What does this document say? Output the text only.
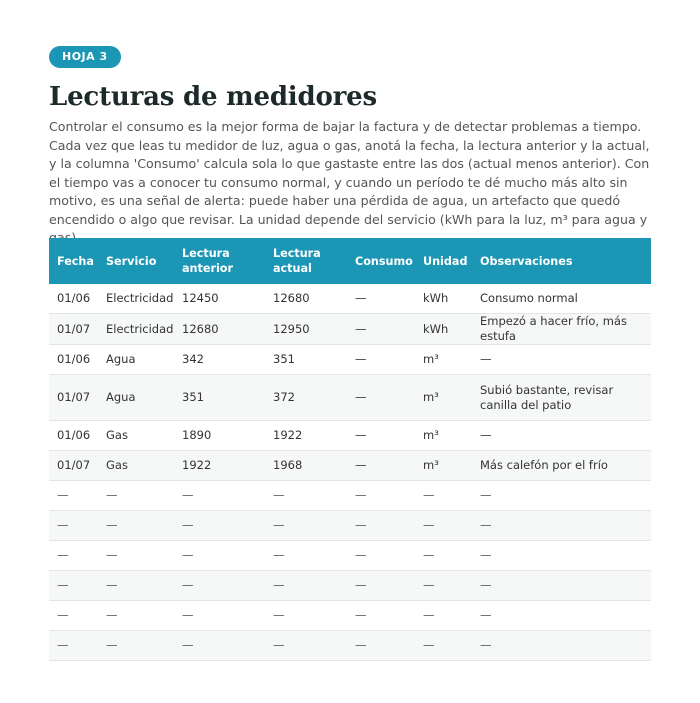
HOJA 3
Lecturas de medidores

Controlar el consumo es la mejor forma de bajar la factura y de detectar problemas a tiempo. Cada vez que leas tu medidor de luz, agua o gas, anotá la fecha, la lectura anterior y la actual, y la columna 'Consumo' calcula sola lo que gastaste entre las dos (actual menos anterior). Con el tiempo vas a conocer tu consumo normal, y cuando un período te dé mucho más alto sin motivo, es una señal de alerta: puede haber una pérdida de agua, un artefacto que quedó encendido o algo que revisar. La unidad depende del servicio (kWh para la luz, m³ para agua y

Fecha	Servicio	Lectura anterior	Lectura actual	Consumo	Unidad	Observaciones
01/06	Electricidad	12450	12680	—	kWh	Consumo normal
01/07	Electricidad	12680	12950	—	kWh	Empezó a hacer frío, más estufa
01/06	Agua	342	351	—	m³	—
01/07	Agua	351	372	—	m³	Subió bastante, revisar canilla del patio
01/06	Gas	1890	1922	—	m³	—
01/07	Gas	1922	1968	—	m³	Más calefón por el frío
—	—	—	—	—	—	—
—	—	—	—	—	—	—
—	—	—	—	—	—	—
—	—	—	—	—	—	—
—	—	—	—	—	—	—
—	—	—	—	—	—	—
